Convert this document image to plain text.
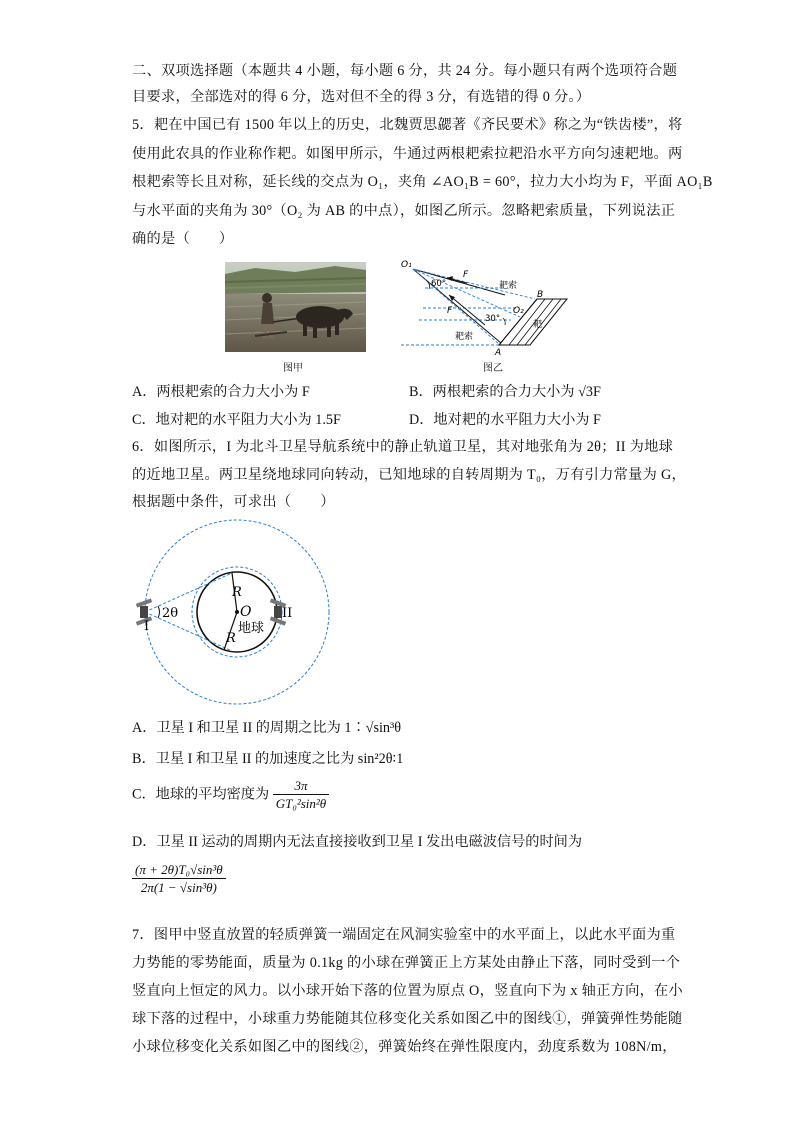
二、双项选择题（本题共 4 小题，每小题 6 分，共 24 分。每小题只有两个选项符合题
目要求，全部选对的得 6 分，选对但不全的得 3 分，有选错的得 0 分。）
5．耙在中国已有 1500 年以上的历史，北魏贾思勰著《齐民要术》称之为“铁齿楼”，将
使用此农具的作业称作耙。如图甲所示，牛通过两根耙索拉耙沿水平方向匀速耙地。两
根耙索等长且对称，延长线的交点为 O₁，夹角 ∠AO₁B = 60°，拉力大小均为 F，平面 AO₁B
与水平面的夹角为 30°（O₂ 为 AB 的中点），如图乙所示。忽略耙索质量，下列说法正
确的是（　　）
图甲
O₁
F
耙索
B
60°
O₂
F
30°
耙
耙索
A
图乙
A．两根耙索的合力大小为 F	B．两根耙索的合力大小为 √3F
C．地对耙的水平阻力大小为 1.5F	D．地对耙的水平阻力大小为 F
6．如图所示，I 为北斗卫星导航系统中的静止轨道卫星，其对地张角为 2θ；II 为地球
的近地卫星。两卫星绕地球同向转动，已知地球的自转周期为 T₀，万有引力常量为 G，
根据题中条件，可求出（　　）
R
R
O
地球
2θ
I
II
A．卫星 I 和卫星 II 的周期之比为 1∶√sin³θ
B．卫星 I 和卫星 II 的加速度之比为 sin²2θ∶1
C．地球的平均密度为 $\frac{3\pi}{\text{GT₀²sin²θ}}$
D．卫星 II 运动的周期内无法直接接收到卫星 I 发出电磁波信号的时间为
$\frac{\text{(π + 2θ)T₀√sin³θ}}{\text{2π(1 − √sin³θ)}}$
7．图甲中竖直放置的轻质弹簧一端固定在风洞实验室中的水平面上，以此水平面为重
力势能的零势能面，质量为 0.1kg 的小球在弹簧正上方某处由静止下落，同时受到一个
竖直向上恒定的风力。以小球开始下落的位置为原点 O，竖直向下为 x 轴正方向，在小
球下落的过程中，小球重力势能随其位移变化关系如图乙中的图线①，弹簧弹性势能随
小球位移变化关系如图乙中的图线②，弹簧始终在弹性限度内，劲度系数为 108N/m，
